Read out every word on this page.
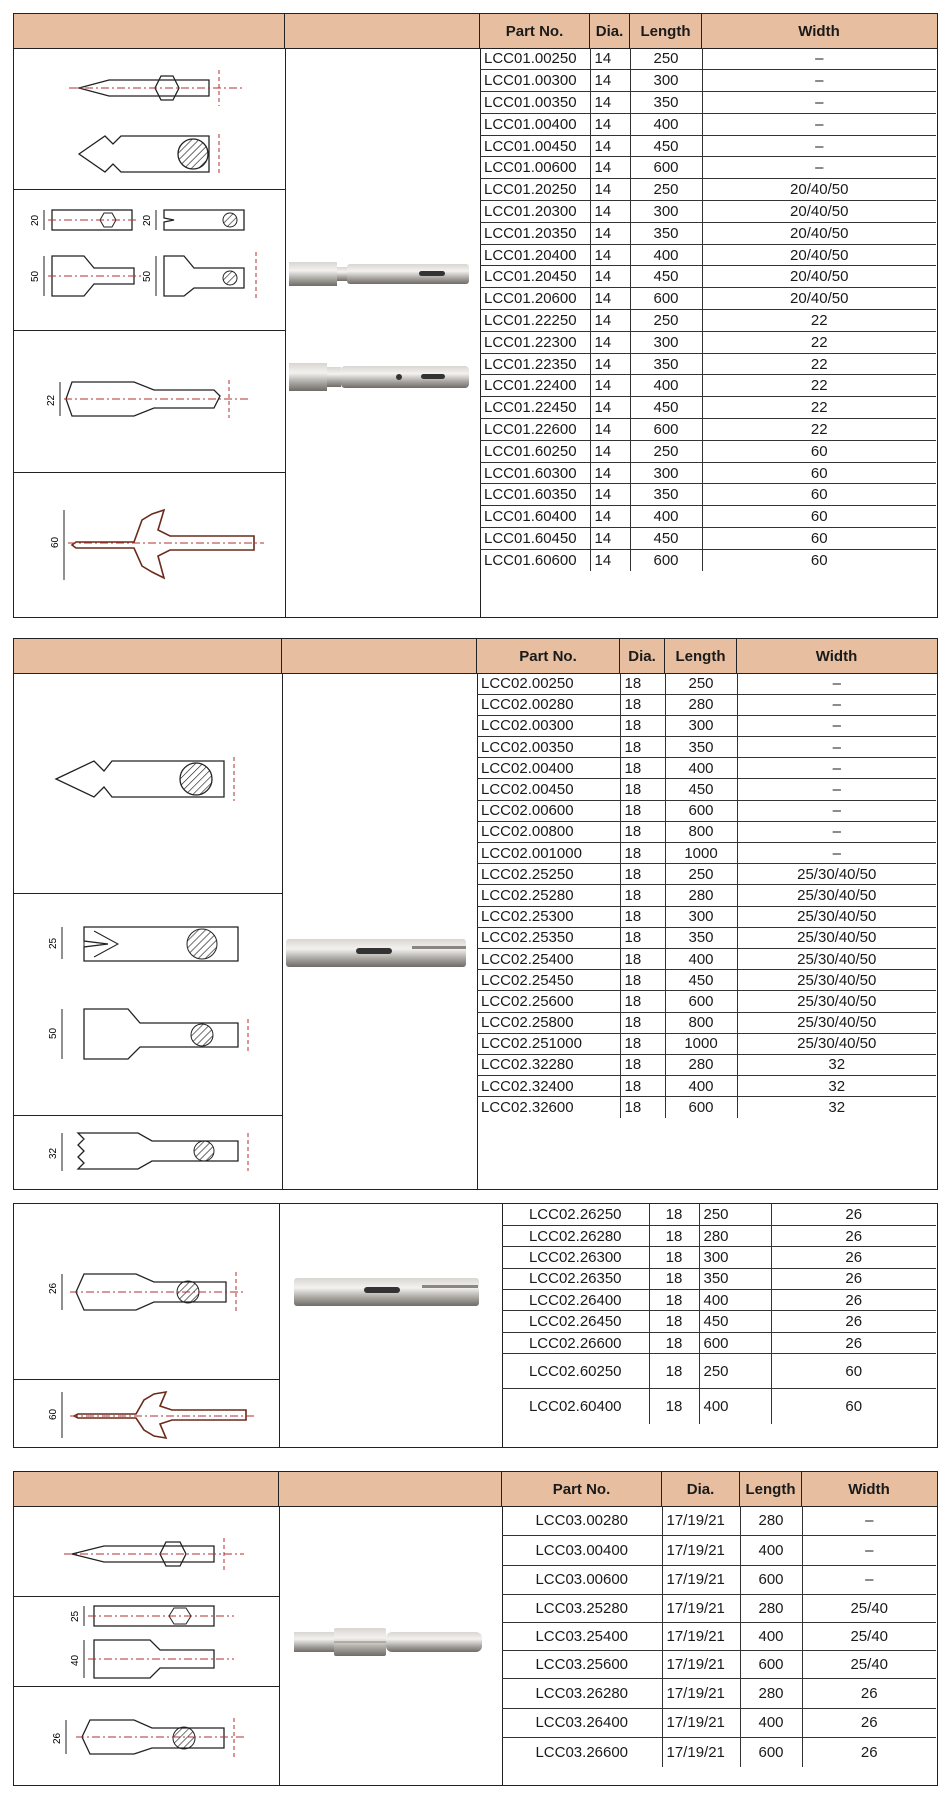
Part No.	Dia.	Length	Width
20	20
50	50
22
60
LCC01.00250	14	250	–
LCC01.00300	14	300	–
LCC01.00350	14	350	–
LCC01.00400	14	400	–
LCC01.00450	14	450	–
LCC01.00600	14	600	–
LCC01.20250	14	250	20/40/50
LCC01.20300	14	300	20/40/50
LCC01.20350	14	350	20/40/50
LCC01.20400	14	400	20/40/50
LCC01.20450	14	450	20/40/50
LCC01.20600	14	600	20/40/50
LCC01.22250	14	250	22
LCC01.22300	14	300	22
LCC01.22350	14	350	22
LCC01.22400	14	400	22
LCC01.22450	14	450	22
LCC01.22600	14	600	22
LCC01.60250	14	250	60
LCC01.60300	14	300	60
LCC01.60350	14	350	60
LCC01.60400	14	400	60
LCC01.60450	14	450	60
LCC01.60600	14	600	60
Part No.	Dia.	Length	Width
25
50
32
LCC02.00250	18	250	–
LCC02.00280	18	280	–
LCC02.00300	18	300	–
LCC02.00350	18	350	–
LCC02.00400	18	400	–
LCC02.00450	18	450	–
LCC02.00600	18	600	–
LCC02.00800	18	800	–
LCC02.001000	18	1000	–
LCC02.25250	18	250	25/30/40/50
LCC02.25280	18	280	25/30/40/50
LCC02.25300	18	300	25/30/40/50
LCC02.25350	18	350	25/30/40/50
LCC02.25400	18	400	25/30/40/50
LCC02.25450	18	450	25/30/40/50
LCC02.25600	18	600	25/30/40/50
LCC02.25800	18	800	25/30/40/50
LCC02.251000	18	1000	25/30/40/50
LCC02.32280	18	280	32
LCC02.32400	18	400	32
LCC02.32600	18	600	32
26
60
LCC02.26250	18	250	26
LCC02.26280	18	280	26
LCC02.26300	18	300	26
LCC02.26350	18	350	26
LCC02.26400	18	400	26
LCC02.26450	18	450	26
LCC02.26600	18	600	26
LCC02.60250	18	250	60
LCC02.60400	18	400	60
Part No.	Dia.	Length	Width
25
40
26
LCC03.00280	17/19/21	280	–
LCC03.00400	17/19/21	400	–
LCC03.00600	17/19/21	600	–
LCC03.25280	17/19/21	280	25/40
LCC03.25400	17/19/21	400	25/40
LCC03.25600	17/19/21	600	25/40
LCC03.26280	17/19/21	280	26
LCC03.26400	17/19/21	400	26
LCC03.26600	17/19/21	600	26
